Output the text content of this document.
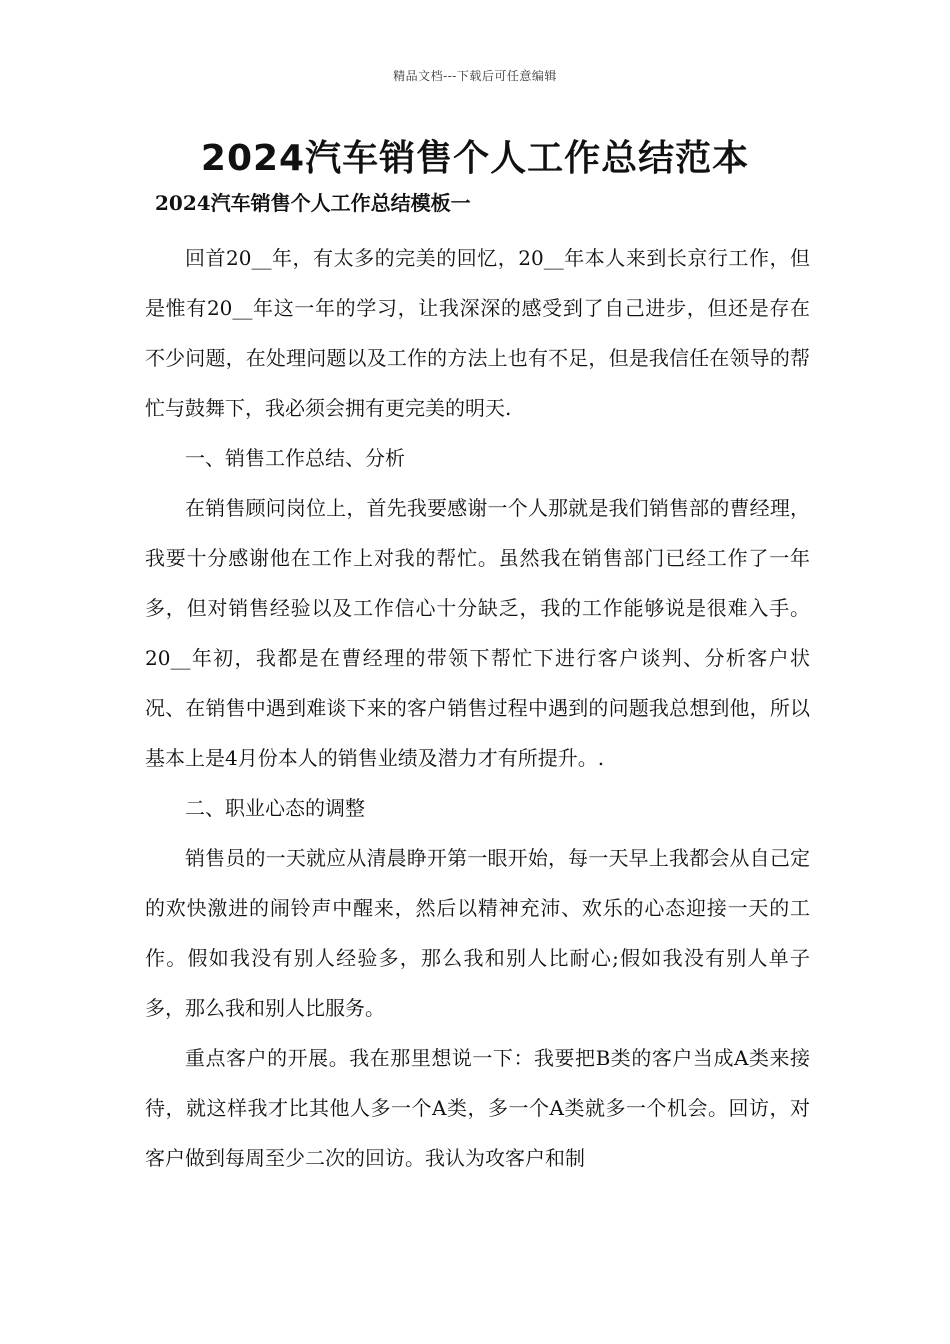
精品文档---下载后可任意编辑
2024汽车销售个人工作总结范本
2024汽车销售个人工作总结模板一

回首20__年，有太多的完美的回忆，20__年本人来到长京行工作，但是惟有20__年这一年的学习，让我深深的感受到了自己进步，但还是存在不少问题，在处理问题以及工作的方法上也有不足，但是我信任在领导的帮忙与鼓舞下，我必须会拥有更完美的明天.

一、销售工作总结、分析

在销售顾问岗位上，首先我要感谢一个人那就是我们销售部的曹经理，我要十分感谢他在工作上对我的帮忙。虽然我在销售部门已经工作了一年多，但对销售经验以及工作信心十分缺乏，我的工作能够说是很难入手。20__年初，我都是在曹经理的带领下帮忙下进行客户谈判、分析客户状况、在销售中遇到难谈下来的客户销售过程中遇到的问题我总想到他，所以基本上是4月份本人的销售业绩及潜力才有所提升。.

二、职业心态的调整

销售员的一天就应从清晨睁开第一眼开始，每一天早上我都会从自己定的欢快激进的闹铃声中醒来，然后以精神充沛、欢乐的心态迎接一天的工作。假如我没有别人经验多，那么我和别人比耐心;假如我没有别人单子多，那么我和别人比服务。

重点客户的开展。我在那里想说一下：我要把B类的客户当成A类来接待，就这样我才比其他人多一个A类，多一个A类就多一个机会。回访，对客户做到每周至少二次的回访。我认为攻客户和制
